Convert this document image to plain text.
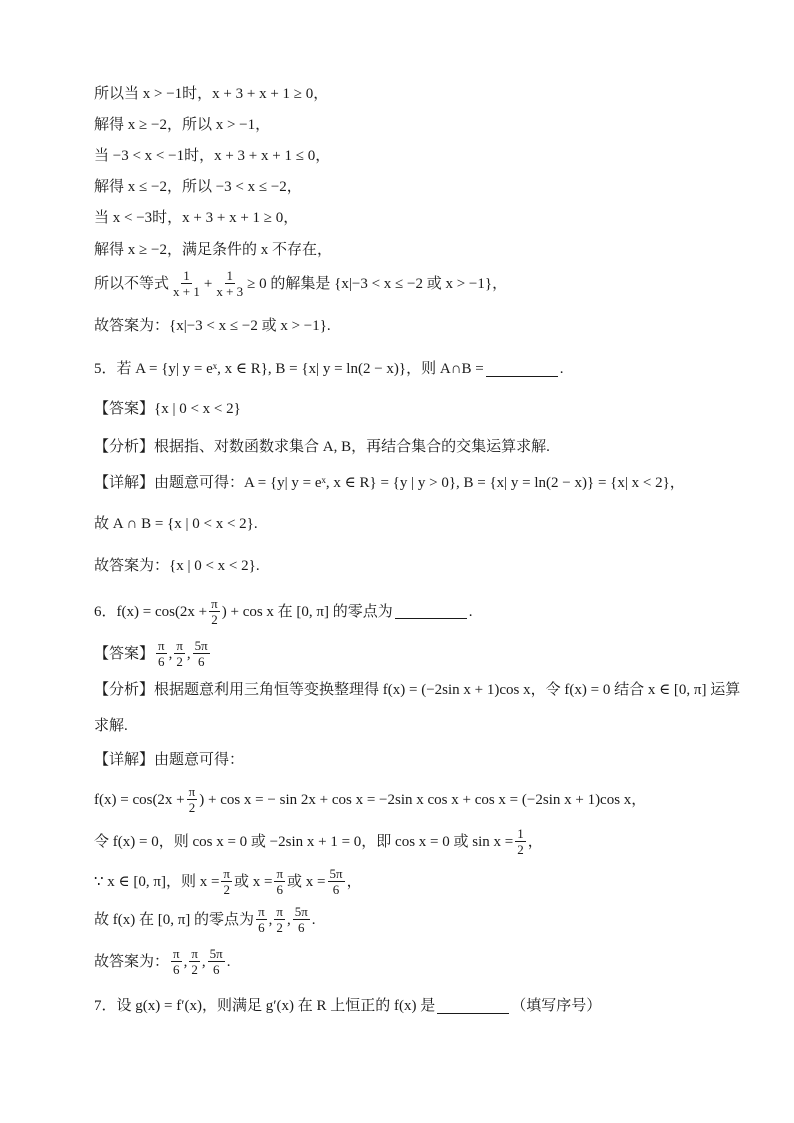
所以当 x > −1时，x + 3 + x + 1 ≥ 0，
解得 x ≥ −2，所以 x > −1，
当 −3 < x < −1时，x + 3 + x + 1 ≤ 0，
解得 x ≤ −2，所以 −3 < x ≤ −2，
当 x < −3时，x + 3 + x + 1 ≥ 0，
解得 x ≥ −2，满足条件的 x 不存在，
所以不等式 $\frac{1}{x + 1} + \frac{1}{x + 3} \ge 0$ 的解集是 {x|−3 < x ≤ −2 或 x > −1}，
故答案为：{x|−3 < x ≤ −2 或 x > −1}.
5．若 A = {y| y = eˣ, x ∈ R}, B = {x| y = ln(2 − x)}，则 A∩B =	.
【答案】 {x | 0 < x < 2}
【分析】 根据指、对数函数求集合 A, B，再结合集合的交集运算求解.
【详解】 由题意可得：A = {y| y = eˣ, x ∈ R} = {y | y > 0}, B = {x| y = ln(2 − x)} = {x| x < 2}，
故 A ∩ B = {x | 0 < x < 2}.
故答案为：{x | 0 < x < 2}.
6．$f(x) = \cos(2x + \frac{\pi}{2}$ ) + cos x 在 [0, π] 的零点为	.
【答案】 $\frac{\pi}{6}$ , $\frac{\pi}{2}$ , $\frac{5\pi}{6}$
【分析】 根据题意利用三角恒等变换整理得 f(x) = (−2sin x + 1)cos x，令 f(x) = 0 结合 x ∈ [0, π] 运算
求解.
【详解】 由题意可得：
$f(x) = \cos(2x + \frac{\pi}{2}$ ) + cos x = − sin 2x + cos x = −2sin x cos x + cos x = (−2sin x + 1)cos x，
令 f(x) = 0，则 cos x = 0 或 −2sin x + 1 = 0，即 cos x = 0 或 $\sin x = \frac{1}{2}$ ，
∵ x ∈ [0, π]，则 $x = \frac{\pi}{2}$ 或 $x = \frac{\pi}{6}$ 或 $x = \frac{5\pi}{6}$ ，
故 f(x) 在 [0, π] 的零点为 $\frac{\pi}{6}$ , $\frac{\pi}{2}$ , $\frac{5\pi}{6}$ .
故答案为： $\frac{\pi}{6}$ , $\frac{\pi}{2}$ , $\frac{5\pi}{6}$ .
7．设 g(x) = f′(x)，则满足 g′(x) 在 R 上恒正的 f(x) 是	（填写序号）
